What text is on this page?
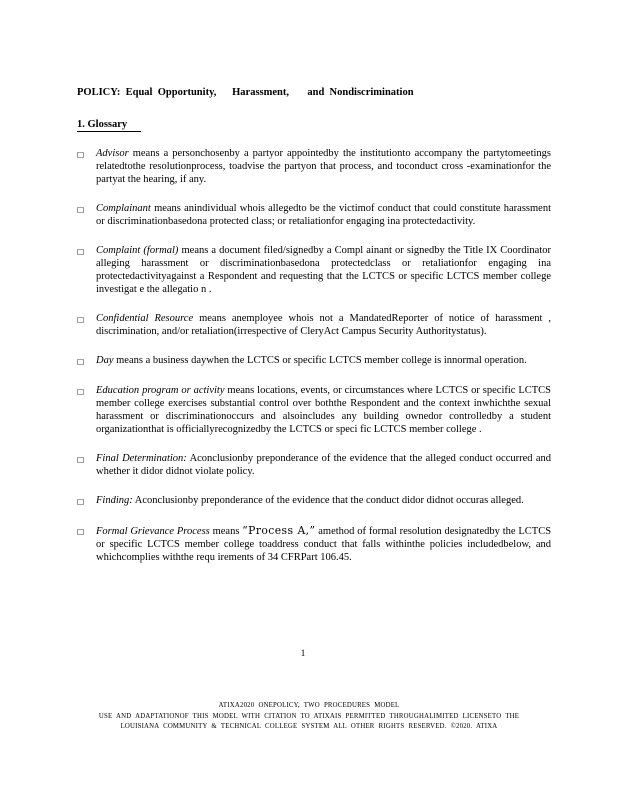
POLICY:  Equal  Opportunity,      Harassment,       and  Nondiscrimination
1. Glossary
□	Advisor means a personchosenby a partyor appointedby the institutionto accompany the partytomeetings relatedtothe resolutionprocess, toadvise the partyon that process, and toconduct cross -examinationfor the partyat the hearing, if any.
□	Complainant means anindividual whois allegedto be the victimof conduct that could constitute harassment or discriminationbasedona protected class; or retaliationfor engaging ina protectedactivity.
□	Complaint (formal) means a document filed/signedby a Compl ainant or signedby the Title IX Coordinator alleging harassment or discriminationbasedona protectedclass or retaliationfor engaging ina protectedactivityagainst a Respondent and requesting that the LCTCS or specific LCTCS member college investigat e the allegatio n .
□	Confidential Resource means anemployee whois not a MandatedReporter of notice of harassment , discrimination, and/or retaliation(irrespective of CleryAct Campus Security Authoritystatus).
□	Day means a business daywhen the LCTCS or specific LCTCS member college is innormal operation.
□	Education program or activity means locations, events, or circumstances where LCTCS or specific LCTCS member college exercises substantial control over boththe Respondent and the context inwhichthe sexual harassment or discriminationoccurs and alsoincludes any building ownedor controlledby a student organizationthat is officiallyrecognizedby the LCTCS or speci fic LCTCS member college .
□	Final Determination: Aconclusionby preponderance of the evidence that the alleged conduct occurred and whether it didor didnot violate policy.
□	Finding: Aconclusionby preponderance of the evidence that the conduct didor didnot occuras alleged.
□	Formal Grievance Process means “Process A,” amethod of formal resolution designatedby the LCTCS or specific LCTCS member college toaddress conduct that falls withinthe policies includedbelow, and whichcomplies withthe requ irements of 34 CFRPart 106.45.
1
ATIXA2020 ONEPOLICY, TWO PROCEDURES MODEL
USE AND ADAPTATIONOF THIS MODEL WITH CITATION TO ATIXAIS PERMITTED THROUGHALIMITED LICENSETO THE
LOUISIANA COMMUNITY & TECHNICAL COLLEGE SYSTEM ALL OTHER RIGHTS RESERVED. ©2020. ATIXA
